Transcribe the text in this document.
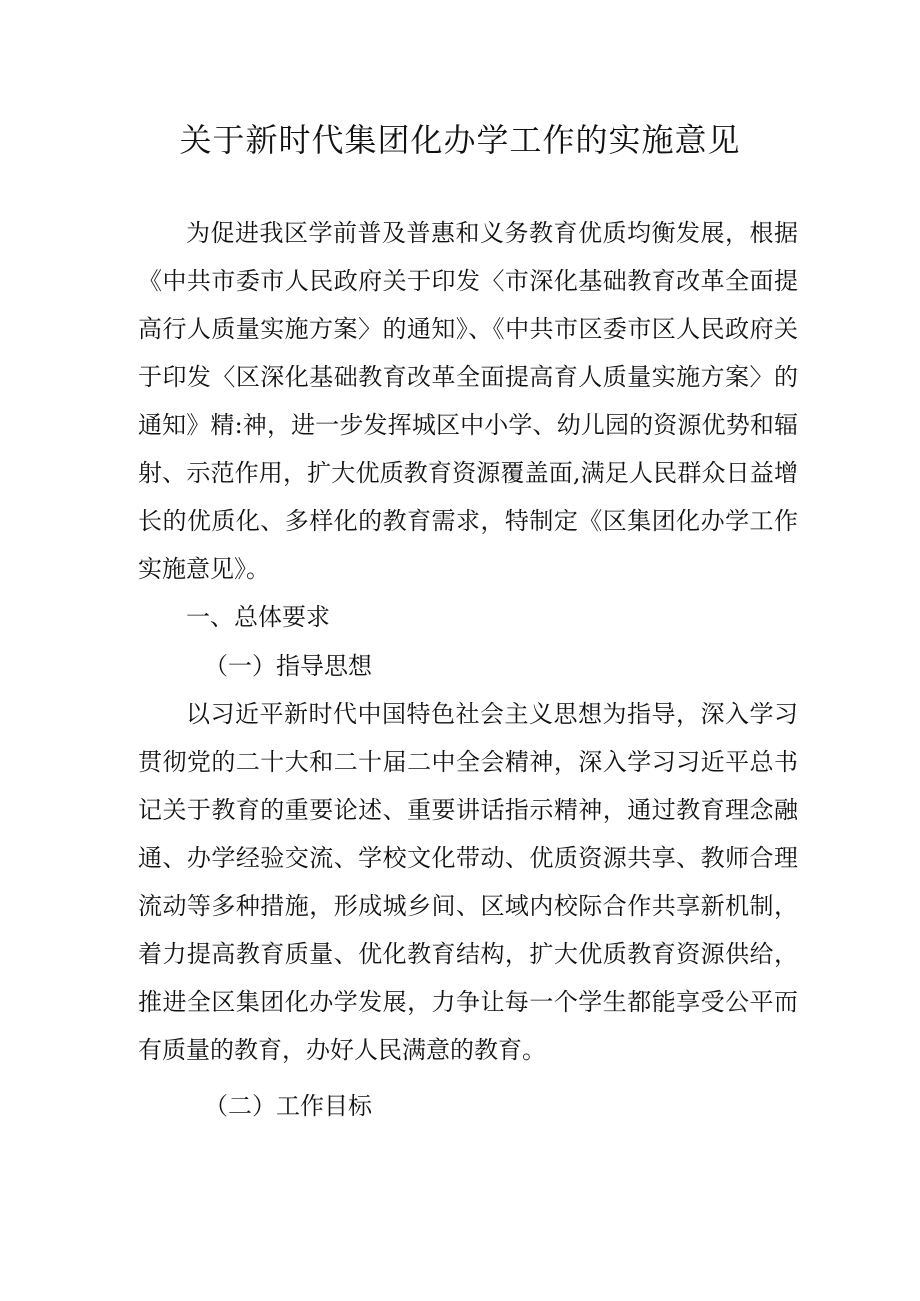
关于新时代集团化办学工作的实施意见

为促进我区学前普及普惠和义务教育优质均衡发展，根据《中共市委市人民政府关于印发〈市深化基础教育改革全面提高行人质量实施方案〉的通知》、《中共市区委市区人民政府关于印发〈区深化基础教育改革全面提高育人质量实施方案〉的通知》精:神，进一步发挥城区中小学、幼儿园的资源优势和辐射、示范作用，扩大优质教育资源覆盖面,满足人民群众日益增长的优质化、多样化的教育需求，特制定《区集团化办学工作实施意见》。

一、总体要求
（一）指导思想

以习近平新时代中国特色社会主义思想为指导，深入学习贯彻党的二十大和二十届二中全会精神，深入学习习近平总书记关于教育的重要论述、重要讲话指示精神，通过教育理念融通、办学经验交流、学校文化带动、优质资源共享、教师合理流动等多种措施，形成城乡间、区域内校际合作共享新机制，着力提高教育质量、优化教育结构，扩大优质教育资源供给，推进全区集团化办学发展，力争让每一个学生都能享受公平而有质量的教育，办好人民满意的教育。

（二）工作目标
